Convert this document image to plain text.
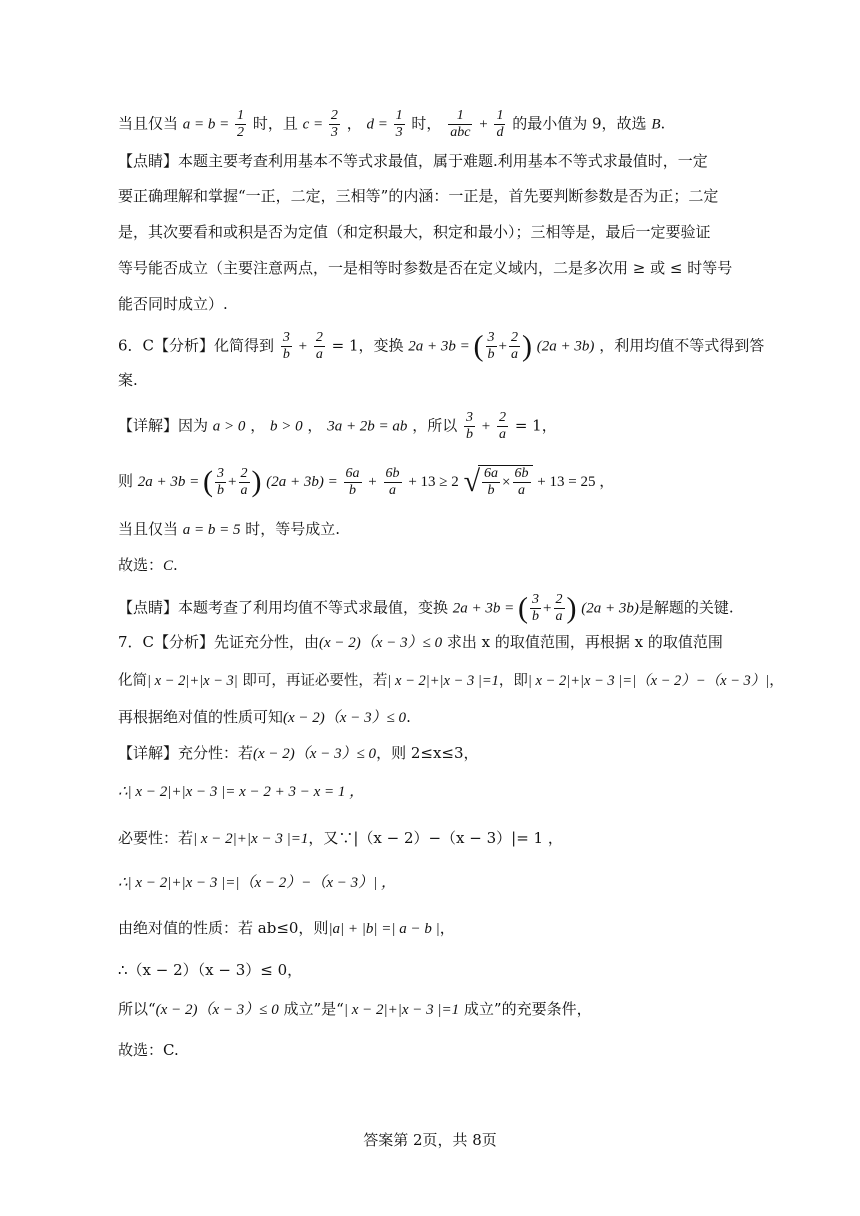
当且仅当 $a = b = \frac{1}{2}$ 时，且 $c = \frac{2}{3}$ ， $d = \frac{1}{3}$ 时， $\frac{1}{\text{abc}} + \frac{1}{d}$ 的最小值为 9，故选 B.
【点睛】本题主要考查利用基本不等式求最值，属于难题.利用基本不等式求最值时，一定
要正确理解和掌握“一正，二定，三相等”的内涵：一正是，首先要判断参数是否为正；二定
是，其次要看和或积是否为定值（和定积最大，积定和最小）；三相等是，最后一定要验证
等号能否成立（主要注意两点，一是相等时参数是否在定义域内，二是多次用 ≥ 或 ≤ 时等号
能否同时成立）.
6．C【分析】化简得到 $\frac{3}{b} + \frac{2}{a} = 1$，变换 2a + 3b = ( $\frac{3}{b} + \frac{2}{a}$ ) (2a + 3b) ，利用均值不等式得到答
案.
【详解】因为 a > 0 ， b > 0 ， 3a + 2b = ab ，所以 $\frac{3}{b} + \frac{2}{a} = 1$，
则 2a + 3b = ( $\frac{3}{b} + \frac{2}{a}$ ) $(2a + 3b) = \frac{6a}{b} + \frac{6b}{a} + 13 \ge 2$ √ $\frac{6a}{b} \times \frac{6b}{a} + 13 = 25$ ，
当且仅当 a = b = 5 时，等号成立.
故选：C.
【点睛】本题考查了利用均值不等式求最值，变换 2a + 3b = ( $\frac{3}{b} + \frac{2}{a}$ ) (2a + 3b)是解题的关键.
7．C【分析】先证充分性，由(x − 2)（x − 3）≤ 0 求出 x 的取值范围，再根据 x 的取值范围
化简| x − 2|+|x − 3| 即可，再证必要性，若| x − 2|+|x − 3 |=1，即| x − 2|+|x − 3 |=|（x − 2）−（x − 3）|，
再根据绝对值的性质可知(x − 2)（x − 3）≤ 0.
【详解】充分性：若(x − 2)（x − 3）≤ 0，则 2≤x≤3，
∴| x − 2|+|x − 3 |= x − 2 + 3 − x = 1 ，
必要性：若| x − 2|+|x − 3 |=1，又∵|（x − 2）−（x − 3）|= 1 ，
∴| x − 2|+|x − 3 |=|（x − 2）−（x − 3）| ，
由绝对值的性质：若 ab≤0，则|a| + |b| =| a − b |，
∴（x − 2）（x − 3）≤ 0，
所以“(x − 2)（x − 3）≤ 0 成立”是“| x − 2|+|x − 3 |=1 成立”的充要条件，
故选：C.
答案第 2页，共 8页
